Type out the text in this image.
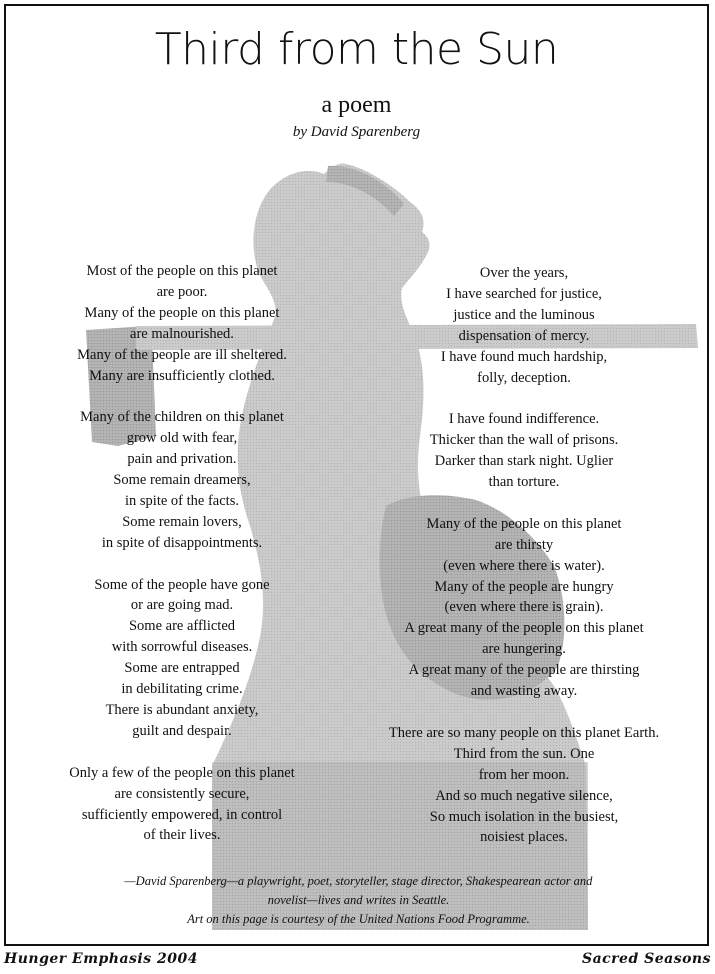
Third from the Sun
a poem
by David Sparenberg
Most of the people on this planet
are poor.
Many of the people on this planet
are malnourished.
Many of the people are ill sheltered.
Many are insufficiently clothed.
Many of the children on this planet
grow old with fear,
pain and privation.
Some remain dreamers,
in spite of the facts.
Some remain lovers,
in spite of disappointments.
Some of the people have gone
or are going mad.
Some are afflicted
with sorrowful diseases.
Some are entrapped
in debilitating crime.
There is abundant anxiety,
guilt and despair.
Only a few of the people on this planet
are consistently secure,
sufficiently empowered, in control
of their lives.
Over the years,
I have searched for justice,
justice and the luminous
dispensation of mercy.
I have found much hardship,
folly, deception.
I have found indifference.
Thicker than the wall of prisons.
Darker than stark night. Uglier
than torture.
Many of the people on this planet
are thirsty
(even where there is water).
Many of the people are hungry
(even where there is grain).
A great many of the people on this planet
are hungering.
A great many of the people are thirsting
and wasting away.
There are so many people on this planet Earth.
Third from the sun. One
from her moon.
And so much negative silence,
So much isolation in the busiest,
noisiest places.
—David Sparenberg—a playwright, poet, storyteller, stage director, Shakespearean actor and
novelist—lives and writes in Seattle.
Art on this page is courtesy of the United Nations Food Programme.
Hunger Emphasis 2004	Sacred Seasons
